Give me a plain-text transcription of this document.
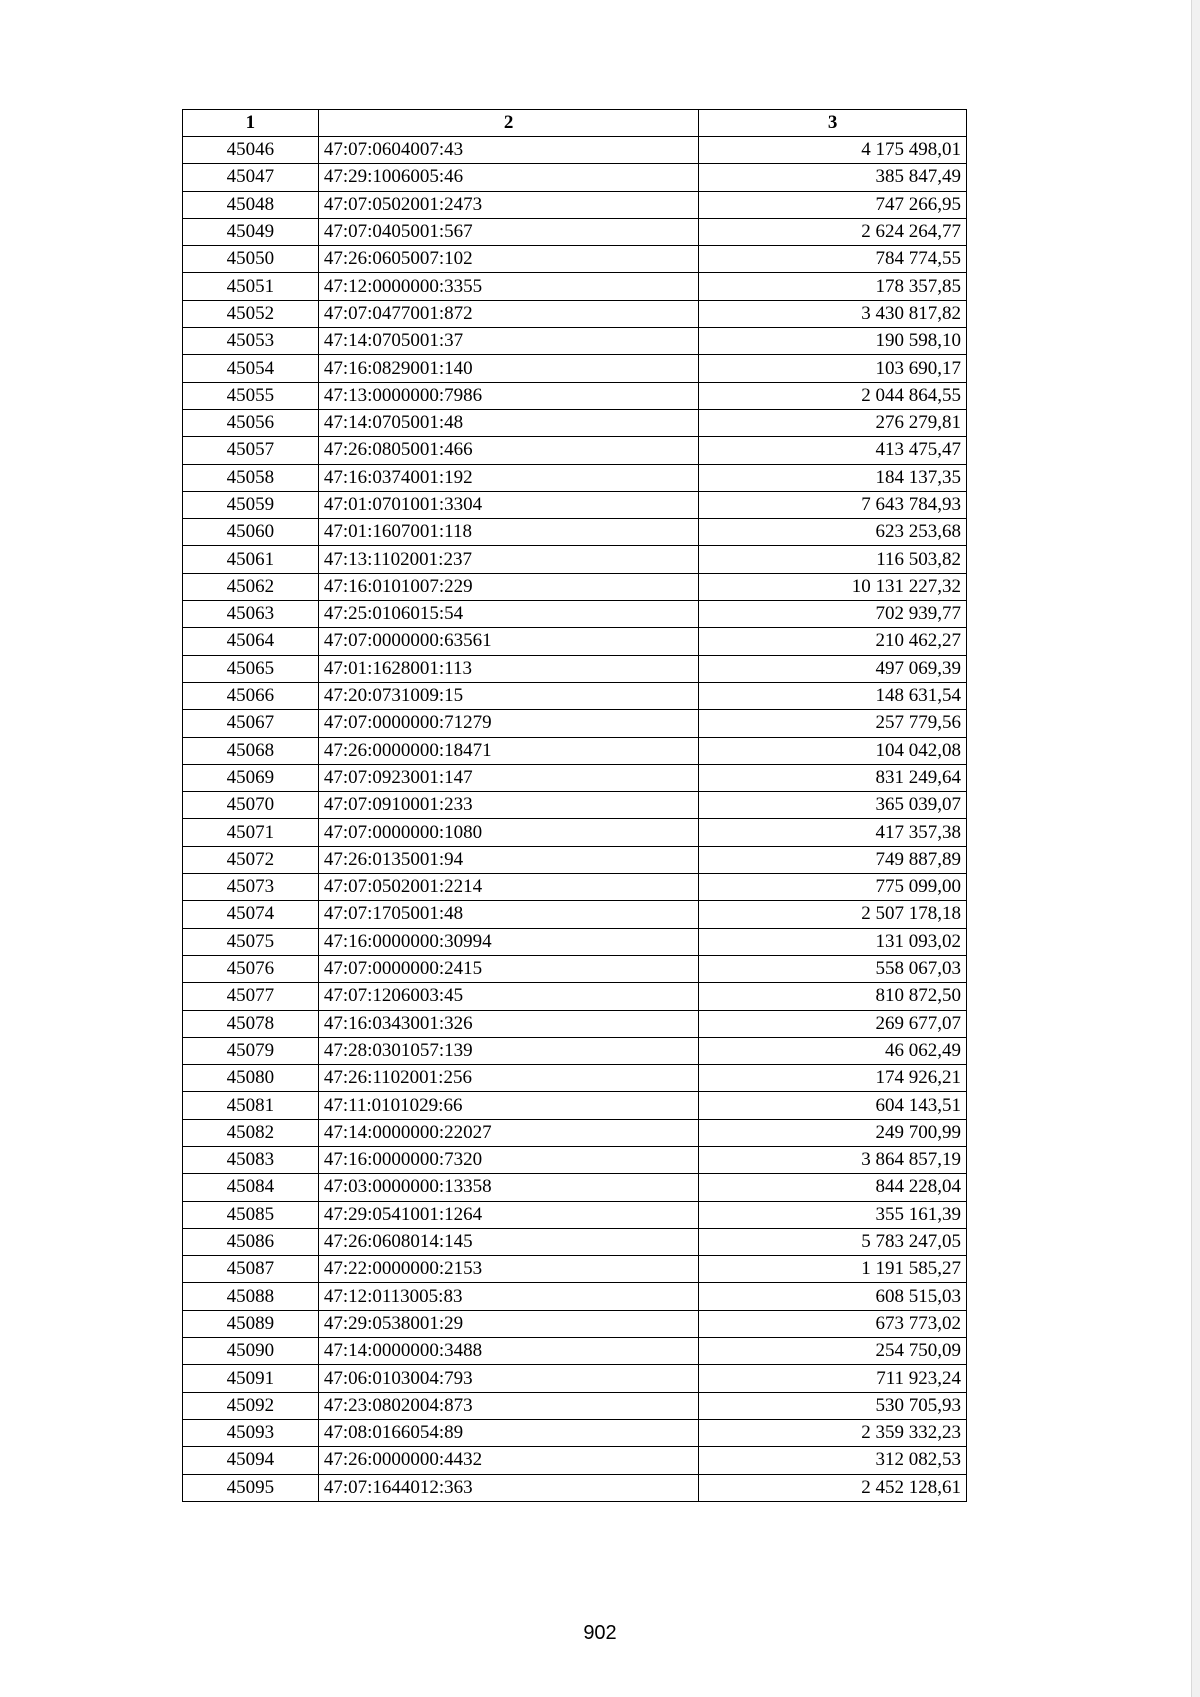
1	2	3
45046	47:07:0604007:43	4 175 498,01
45047	47:29:1006005:46	385 847,49
45048	47:07:0502001:2473	747 266,95
45049	47:07:0405001:567	2 624 264,77
45050	47:26:0605007:102	784 774,55
45051	47:12:0000000:3355	178 357,85
45052	47:07:0477001:872	3 430 817,82
45053	47:14:0705001:37	190 598,10
45054	47:16:0829001:140	103 690,17
45055	47:13:0000000:7986	2 044 864,55
45056	47:14:0705001:48	276 279,81
45057	47:26:0805001:466	413 475,47
45058	47:16:0374001:192	184 137,35
45059	47:01:0701001:3304	7 643 784,93
45060	47:01:1607001:118	623 253,68
45061	47:13:1102001:237	116 503,82
45062	47:16:0101007:229	10 131 227,32
45063	47:25:0106015:54	702 939,77
45064	47:07:0000000:63561	210 462,27
45065	47:01:1628001:113	497 069,39
45066	47:20:0731009:15	148 631,54
45067	47:07:0000000:71279	257 779,56
45068	47:26:0000000:18471	104 042,08
45069	47:07:0923001:147	831 249,64
45070	47:07:0910001:233	365 039,07
45071	47:07:0000000:1080	417 357,38
45072	47:26:0135001:94	749 887,89
45073	47:07:0502001:2214	775 099,00
45074	47:07:1705001:48	2 507 178,18
45075	47:16:0000000:30994	131 093,02
45076	47:07:0000000:2415	558 067,03
45077	47:07:1206003:45	810 872,50
45078	47:16:0343001:326	269 677,07
45079	47:28:0301057:139	46 062,49
45080	47:26:1102001:256	174 926,21
45081	47:11:0101029:66	604 143,51
45082	47:14:0000000:22027	249 700,99
45083	47:16:0000000:7320	3 864 857,19
45084	47:03:0000000:13358	844 228,04
45085	47:29:0541001:1264	355 161,39
45086	47:26:0608014:145	5 783 247,05
45087	47:22:0000000:2153	1 191 585,27
45088	47:12:0113005:83	608 515,03
45089	47:29:0538001:29	673 773,02
45090	47:14:0000000:3488	254 750,09
45091	47:06:0103004:793	711 923,24
45092	47:23:0802004:873	530 705,93
45093	47:08:0166054:89	2 359 332,23
45094	47:26:0000000:4432	312 082,53
45095	47:07:1644012:363	2 452 128,61
902
